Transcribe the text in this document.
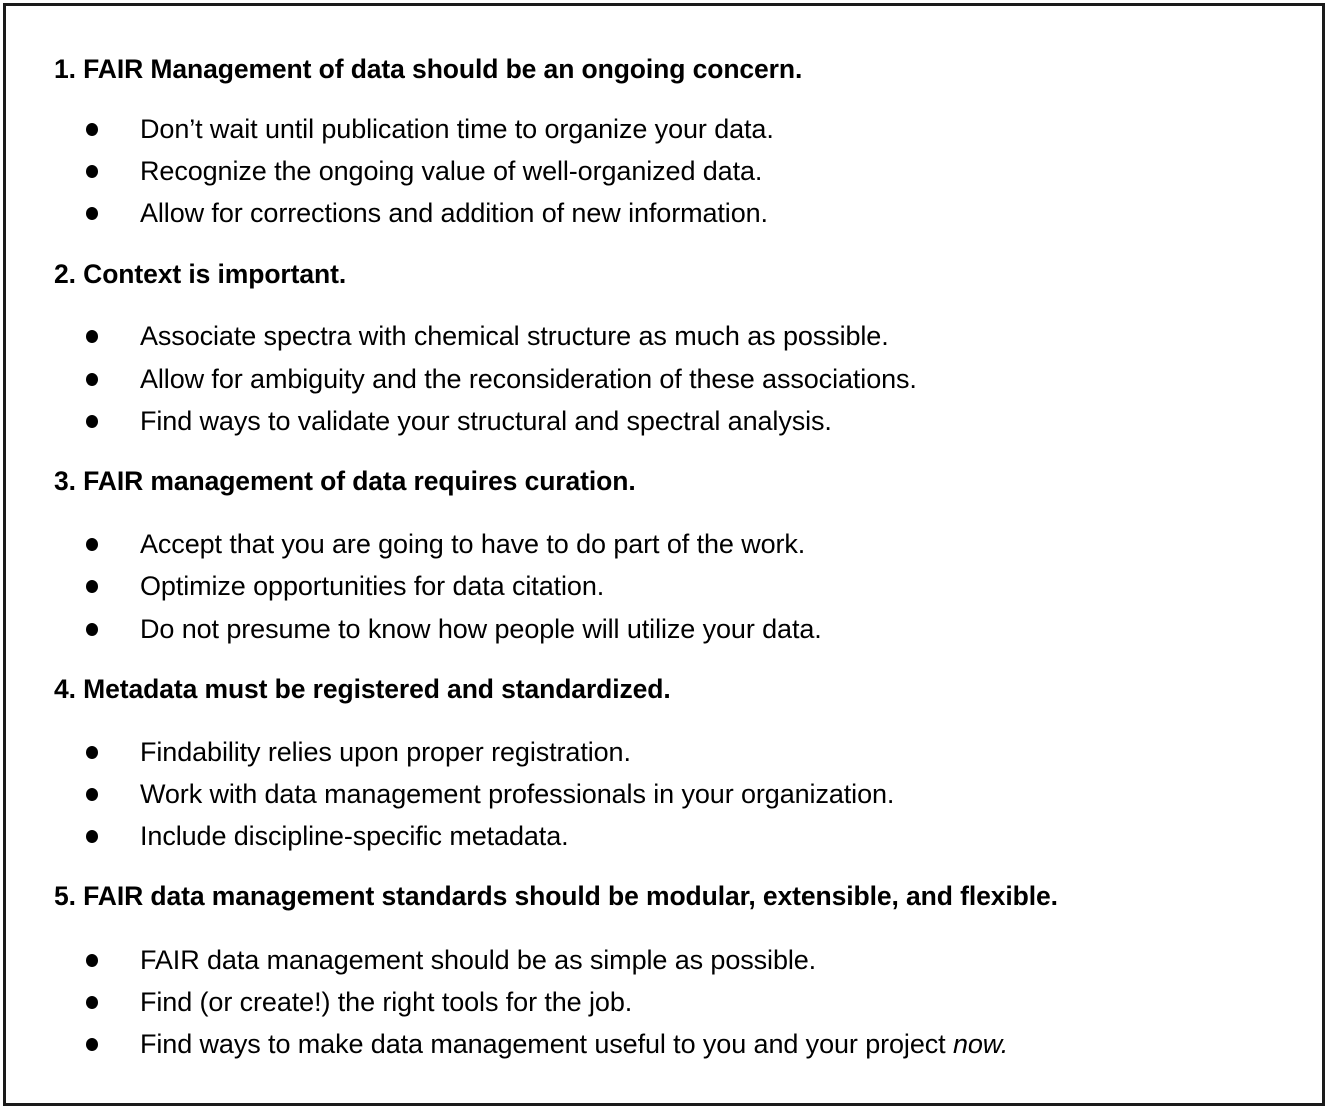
1. FAIR Management of data should be an ongoing concern.
Don’t wait until publication time to organize your data.
Recognize the ongoing value of well-organized data.
Allow for corrections and addition of new information.
2. Context is important.
Associate spectra with chemical structure as much as possible.
Allow for ambiguity and the reconsideration of these associations.
Find ways to validate your structural and spectral analysis.
3. FAIR management of data requires curation.
Accept that you are going to have to do part of the work.
Optimize opportunities for data citation.
Do not presume to know how people will utilize your data.
4. Metadata must be registered and standardized.
Findability relies upon proper registration.
Work with data management professionals in your organization.
Include discipline-specific metadata.
5. FAIR data management standards should be modular, extensible, and flexible.
FAIR data management should be as simple as possible.
Find (or create!) the right tools for the job.
Find ways to make data management useful to you and your project now.
